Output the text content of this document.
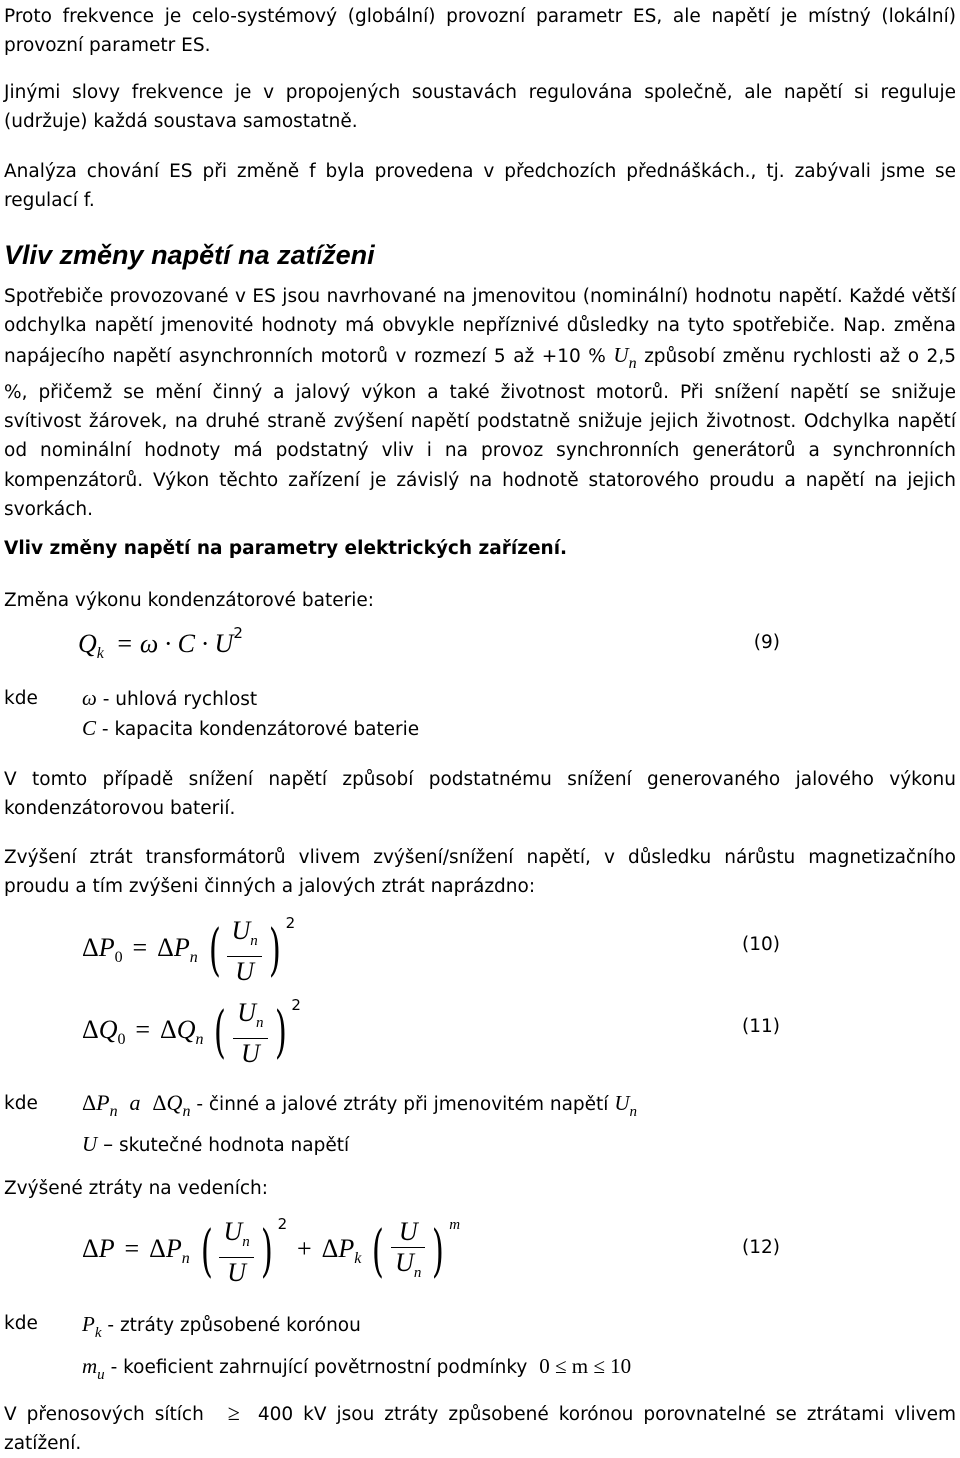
Proto frekvence je celo-systémový (globální) provozní parametr ES, ale napětí je místný (lokální) provozní parametr ES.

Jinými slovy frekvence je v propojených soustavách regulována společně, ale napětí si reguluje (udržuje) každá soustava samostatně.

Analýza chování ES při změně f byla provedena v předchozích přednáškách., tj. zabývali jsme se regulací f.

Vliv změny napětí na zatíženi

Spotřebiče provozované v ES jsou navrhované na jmenovitou (nominální) hodnotu napětí. Každé větší odchylka napětí jmenovité hodnoty má obvykle nepříznivé důsledky na tyto spotřebiče. Nap. změna napájecího napětí asynchronních motorů v rozmezí 5 až +10 % $U_n$ způsobí změnu rychlosti až o 2,5 %, přičemž se mění činný a jalový výkon a také životnost motorů. Při snížení napětí se snižuje svítivost žárovek, na druhé straně zvýšení napětí podstatně snižuje jejich životnost. Odchylka napětí od nominální hodnoty má podstatný vliv i na provoz synchronních generátorů a synchronních kompenzátorů. Výkon těchto zařízení je závislý na hodnotě statorového proudu a napětí na jejich svorkách.

Vliv změny napětí na parametry elektrických zařízení.

Změna výkonu kondenzátorové baterie:

$Qk = \omega \cdot C \cdot U^2$	(9)
kde ω - uhlová rychlost
C - kapacita kondenzátorové baterie

V tomto případě snížení napětí způsobí podstatnému snížení generovaného jalového výkonu kondenzátorovou baterií.

Zvýšení ztrát transformátorů vlivem zvýšení/snížení napětí, v důsledku nárůstu magnetizačního proudu a tím zvýšeni činných a jalových ztrát naprázdno:

ΔP0 = ΔPn ( $\frac{U_n}{U}$ ) $^2$
(10)
ΔQ0 = ΔQn ( $\frac{U_n}{U}$ ) $^2$
(11)
kde ΔPn a ΔQn - činné a jalové ztráty při jmenovitém napětí $U_n$
U – skutečné hodnota napětí

Zvýšené ztráty na vedeních:

ΔP = ΔPn ( $\frac{U_n}{U}$ ) $^2$ + ΔPk ( $\frac{U}{U_n}$ ) $^m$
(12)
kde $P_k$ - ztráty způsobené korónou
$m_u$ - koeficient zahrnující povětrnostní podmínky 0 ≤ m ≤ 10

V přenosových sítích ≥ 400 kV jsou ztráty způsobené korónou porovnatelné se ztrátami vlivem zatížení.
